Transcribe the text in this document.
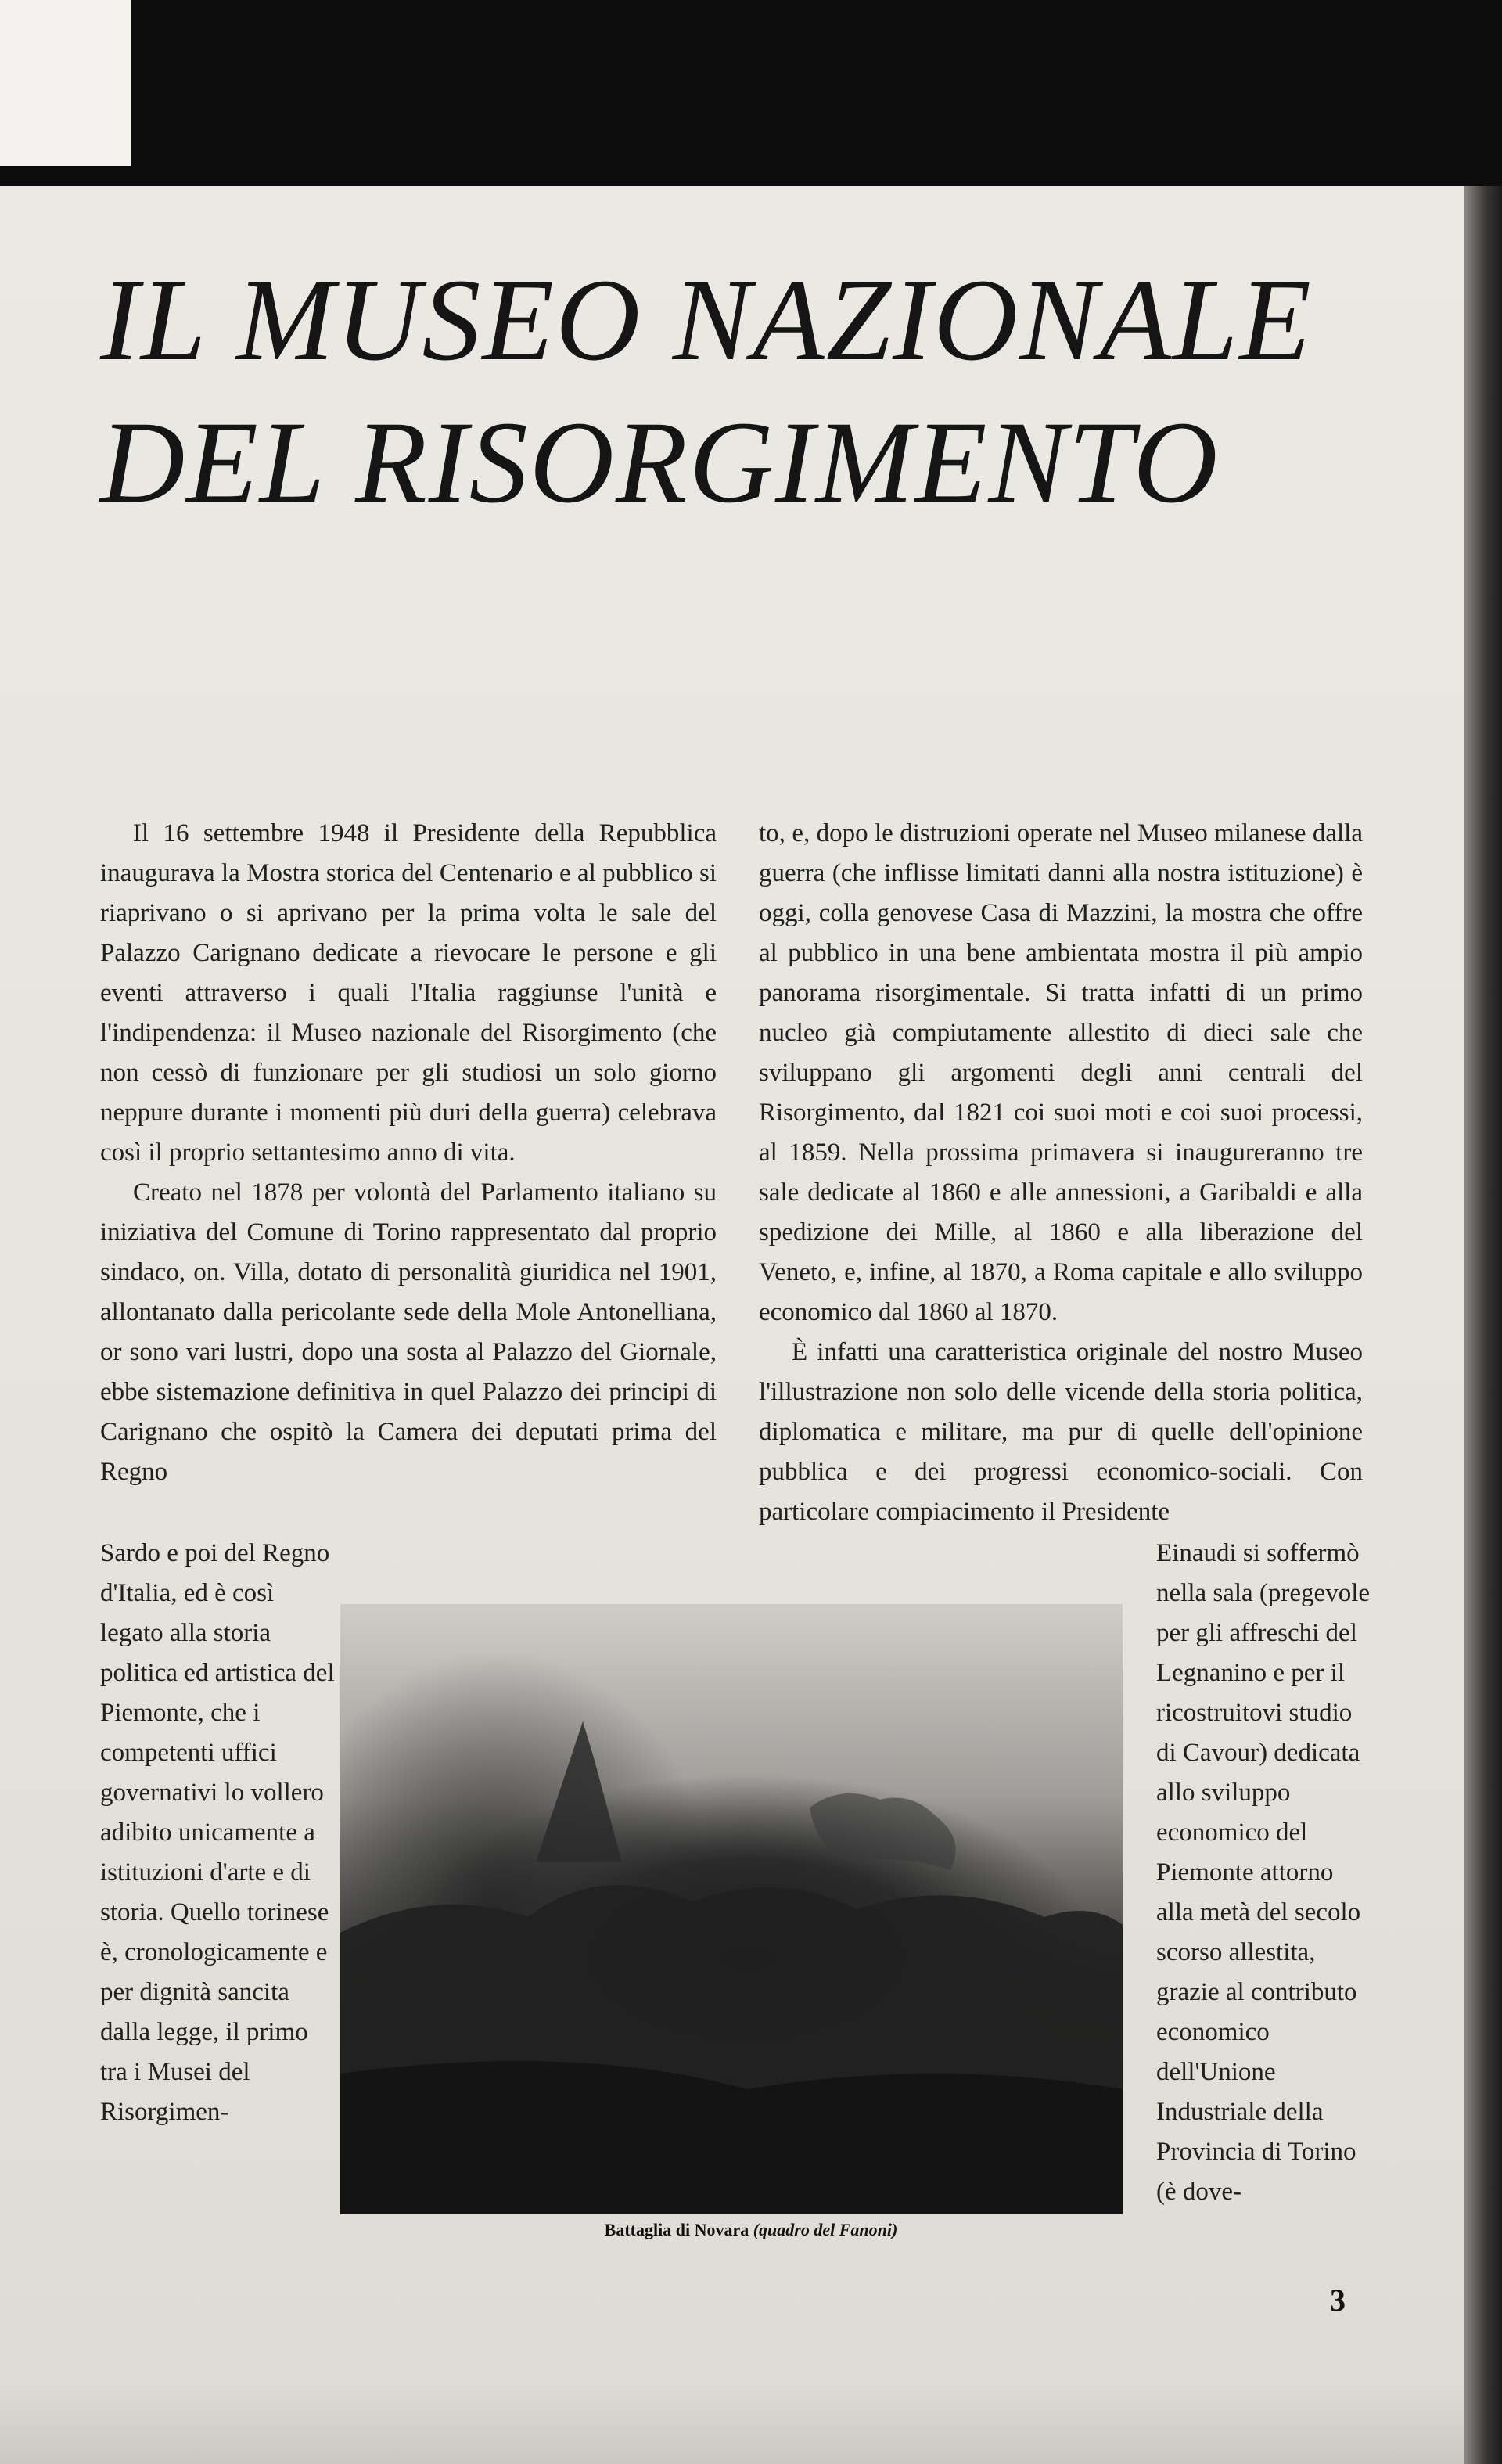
IL MUSEO NAZIONALE
DEL RISORGIMENTO

Il 16 settembre 1948 il Presidente della Repubblica inaugurava la Mostra storica del Centenario e al pubblico si riaprivano o si aprivano per la prima volta le sale del Palazzo Carignano dedicate a rievocare le persone e gli eventi attraverso i quali l'Italia raggiunse l'unità e l'indipendenza: il Museo nazionale del Risorgimento (che non cessò di funzionare per gli studiosi un solo giorno neppure durante i momenti più duri della guerra) celebrava così il proprio settantesimo anno di vita.

Creato nel 1878 per volontà del Parlamento italiano su iniziativa del Comune di Torino rappresentato dal proprio sindaco, on. Villa, dotato di personalità giuridica nel 1901, allontanato dalla pericolante sede della Mole Antonelliana, or sono vari lustri, dopo una sosta al Palazzo del Giornale, ebbe sistemazione definitiva in quel Palazzo dei principi di Carignano che ospitò la Camera dei deputati prima del Regno

to, e, dopo le distruzioni operate nel Museo milanese dalla guerra (che inflisse limitati danni alla nostra istituzione) è oggi, colla genovese Casa di Mazzini, la mostra che offre al pubblico in una bene ambientata mostra il più ampio panorama risorgimentale. Si tratta infatti di un primo nucleo già compiutamente allestito di dieci sale che sviluppano gli argomenti degli anni centrali del Risorgimento, dal 1821 coi suoi moti e coi suoi processi, al 1859. Nella prossima primavera si inaugureranno tre sale dedicate al 1860 e alle annessioni, a Garibaldi e alla spedizione dei Mille, al 1860 e alla liberazione del Veneto, e, infine, al 1870, a Roma capitale e allo sviluppo economico dal 1860 al 1870.

È infatti una caratteristica originale del nostro Museo l'illustrazione non solo delle vicende della storia politica, diplomatica e militare, ma pur di quelle dell'opinione pubblica e dei progressi economico-sociali. Con particolare compiacimento il Presidente

Sardo e poi del Regno d'Italia, ed è così legato alla storia politica ed artistica del Piemonte, che i competenti uffici governativi lo vollero adibito unicamente a istituzioni d'arte e di storia. Quello torinese è, cronologicamente e per dignità sancita dalla legge, il primo tra i Musei del Risorgimen-

Einaudi si soffermò nella sala (pregevole per gli affreschi del Legnanino e per il ricostruitovi studio di Cavour) dedicata allo sviluppo economico del Piemonte attorno alla metà del secolo scorso allestita, grazie al contributo economico dell'Unione Industriale della Provincia di Torino (è dove-

Battaglia di Novara (quadro del Fanoni)
3
